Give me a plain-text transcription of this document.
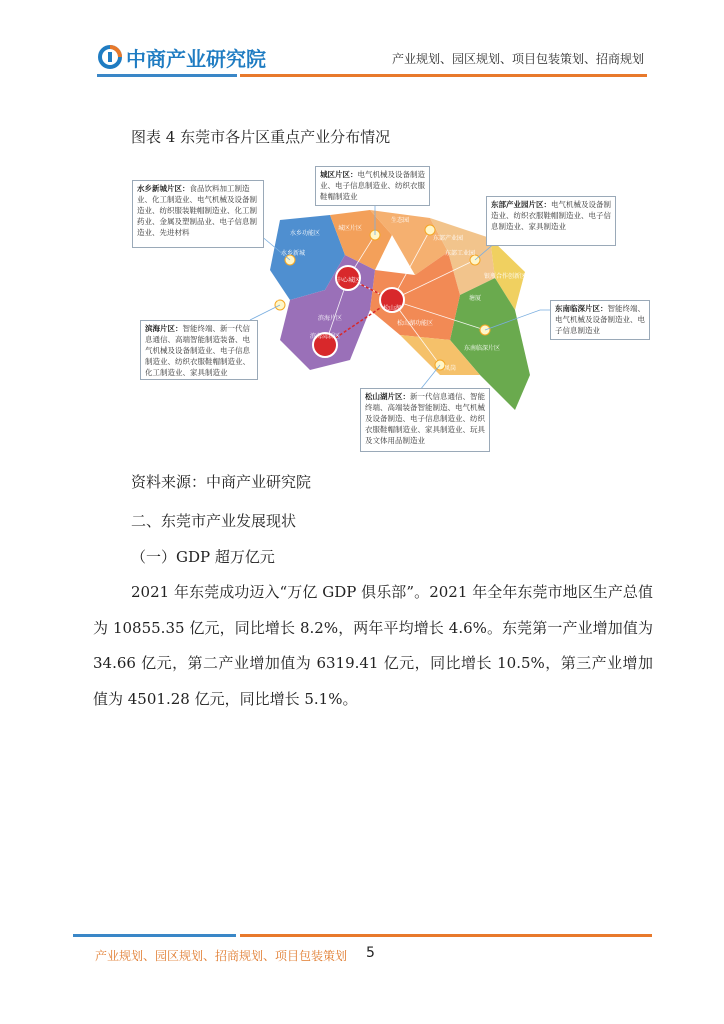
中商产业研究院	产业规划、园区规划、项目包装策划、招商规划
图表 4 东莞市各片区重点产业分布情况
水乡功能区
水乡新城
城区片区
生态园
东部产业园
东部工业园
银瓶合作创新区
东南临深片区
凤岗
塘厦
滨海片区
东莞港
滨海湾新区
松山湖功能区
松山湖
中心城区
水乡新城片区：食品饮料加工制造业、化工制造业、电气机械及设备制造业、纺织服装鞋帽制造业、化工制药业、金属及塑制品业、电子信息制造业、先进材料
城区片区：电气机械及设备制造业、电子信息制造业、纺织衣服鞋帽制造业
东部产业园片区：电气机械及设备制造业、纺织衣服鞋帽制造业、电子信息制造业、家具制造业
滨海片区：智能终端、新一代信息通信、高端智能制造装备、电气机械及设备制造业、电子信息制造业、纺织衣服鞋帽制造业、化工制造业、家具制造业
东南临深片区：智能终端、电气机械及设备制造业、电子信息制造业
松山湖片区：新一代信息通信、智能终端、高端装备智能制造、电气机械及设备制造、电子信息制造业、纺织衣服鞋帽制造业、家具制造业、玩具及文体用品制造业
资料来源：中商产业研究院
二、东莞市产业发展现状
（一）GDP 超万亿元
2021 年东莞成功迈入“万亿 GDP 俱乐部”。2021 年全年东莞市地区生产总值为 10855.35 亿元，同比增长 8.2%，两年平均增长 4.6%。东莞第一产业增加值为 34.66 亿元，第二产业增加值为 6319.41 亿元，同比增长 10.5%，第三产业增加值为 4501.28 亿元，同比增长 5.1%。
产业规划、园区规划、招商规划、项目包装策划 5
